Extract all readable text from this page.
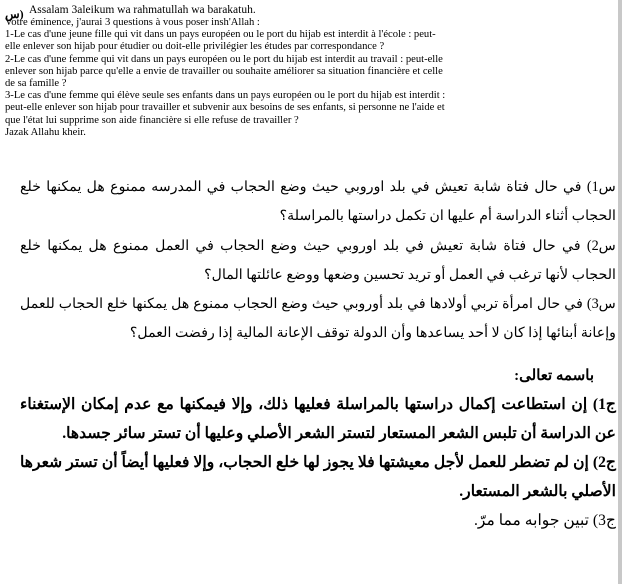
س) Assalam 3aleikum wa rahmatullah wa barakatuh.
Votre éminence, j'aurai 3 questions à vous poser insh'Allah :
1-Le cas d'une jeune fille qui vit dans un pays européen ou le port du hijab est interdit à l'école : peut-
elle enlever son hijab pour étudier ou doit-elle privilégier les études par correspondance ?
2-Le cas d'une femme qui vit dans un pays européen ou le port du hijab est interdit au travail : peut-elle
enlever son hijab parce qu'elle a envie de travailler ou souhaite améliorer sa situation financière et celle
de sa famille ?
3-Le cas d'une femme qui élève seule ses enfants dans un pays européen ou le port du hijab est interdit :
peut-elle enlever son hijab pour travailler et subvenir aux besoins de ses enfants, si personne ne l'aide et
que l'état lui supprime son aide financière si elle refuse de travailler ?
Jazak Allahu kheir.

س1) في حال فتاة شابة تعيش في بلد اوروبي حيث وضع الحجاب في المدرسه ممنوع هل يمكنها خلع الحجاب أثناء الدراسة أم عليها ان تكمل دراستها بالمراسلة؟

س2) في حال فتاة شابة تعيش في بلد اوروبي حيث وضع الحجاب في العمل ممنوع هل يمكنها خلع الحجاب لأنها ترغب في العمل أو تريد تحسين وضعها ووضع عائلتها المال؟

س3) في حال امرأة تربي أولادها في بلد أوروبي حيث وضع الحجاب ممنوع هل يمكنها خلع الحجاب للعمل وإعانة أبنائها إذا كان لا أحد يساعدها وأن الدولة توقف الإعانة المالية إذا رفضت العمل؟

باسمه تعالى:

ج1) إن استطاعت إكمال دراستها بالمراسلة فعليها ذلك، وإلا فيمكنها مع عدم إمكان الإستغناء عن الدراسة أن تلبس الشعر المستعار لتستر الشعر الأصلي وعليها أن تستر سائر جسدها.

ج2) إن لم تضطر للعمل لأجل معيشتها فلا يجوز لها خلع الحجاب، وإلا فعليها أيضاً أن تستر شعرها الأصلي بالشعر المستعار.

ج3) تبين جوابه مما مرّ.
